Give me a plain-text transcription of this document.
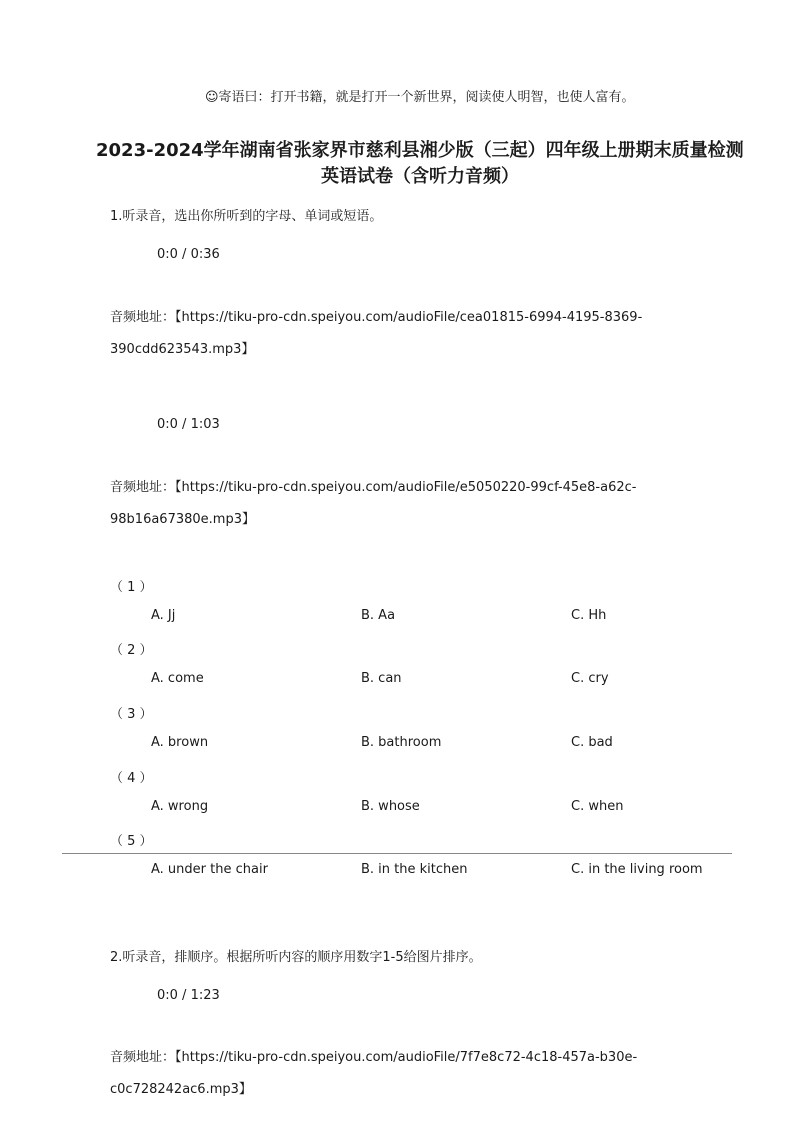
☺寄语曰：打开书籍，就是打开一个新世界，阅读使人明智，也使人富有。
2023-2024学年湖南省张家界市慈利县湘少版（三起）四年级上册期末质量检测
英语试卷（含听力音频）
1.听录音，选出你所听到的字母、单词或短语。
0:0 / 0:36
音频地址：【https://tiku-pro-cdn.speiyou.com/audioFile/cea01815-6994-4195-8369-
390cdd623543.mp3】
0:0 / 1:03
音频地址：【https://tiku-pro-cdn.speiyou.com/audioFile/e5050220-99cf-45e8-a62c-
98b16a67380e.mp3】
（ 1 ）
A. Jj	B. Aa	C. Hh
（ 2 ）
A. come	B. can	C. cry
（ 3 ）
A. brown	B. bathroom	C. bad
（ 4 ）
A. wrong	B. whose	C. when
（ 5 ）
A. under the chair	B. in the kitchen	C. in the living room
2.听录音，排顺序。根据所听内容的顺序用数字1-5给图片排序。
0:0 / 1:23
音频地址：【https://tiku-pro-cdn.speiyou.com/audioFile/7f7e8c72-4c18-457a-b30e-
c0c728242ac6.mp3】
